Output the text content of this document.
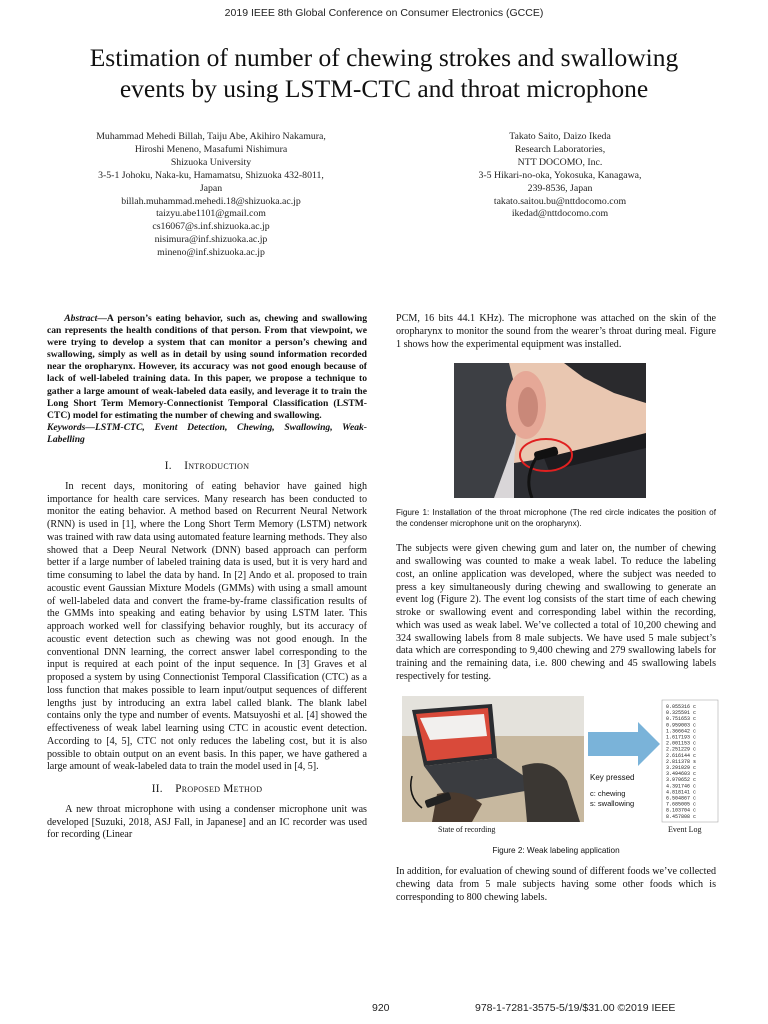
2019 IEEE 8th Global Conference on Consumer Electronics (GCCE)
Estimation of number of chewing strokes and swallowing
events by using LSTM-CTC and throat microphone
Muhammad Mehedi Billah, Taiju Abe, Akihiro Nakamura,
Hiroshi Meneno, Masafumi Nishimura
Shizuoka University
3-5-1 Johoku, Naka-ku, Hamamatsu, Shizuoka 432-8011,
Japan
billah.muhammad.mehedi.18@shizuoka.ac.jp
taizyu.abe1101@gmail.com
cs16067@s.inf.shizuoka.ac.jp
nisimura@inf.shizuoka.ac.jp
mineno@inf.shizuoka.ac.jp
Takato Saito, Daizo Ikeda
Research Laboratories,
NTT DOCOMO, Inc.
3-5 Hikari-no-oka, Yokosuka, Kanagawa,
239-8536, Japan
takato.saitou.bu@nttdocomo.com
ikedad@nttdocomo.com

Abstract—A person’s eating behavior, such as, chewing and swallowing can represents the health conditions of that person. From that viewpoint, we were trying to develop a system that can monitor a person’s chewing and swallowing, simply as well as in detail by using sound information recorded near the oropharynx. However, its accuracy was not good enough because of lack of well-labeled training data. In this paper, we propose a technique to gather a large amount of weak-labeled data easily, and leverage it to train the Long Short Term Memory-Connectionist Temporal Classification (LSTM-CTC) model for estimating the number of chewing and swallowing.

Keywords—LSTM-CTC, Event Detection, Chewing, Swallowing, Weak-Labelling

I. Introduction

In recent days, monitoring of eating behavior have gained high importance for health care services. Many research has been conducted to monitor the eating behavior. A method based on Recurrent Neural Network (RNN) is used in [1], where the Long Short Term Memory (LSTM) network was trained with raw data using automated feature learning methods. They also showed that a Deep Neural Network (DNN) based approach can perform better if a large number of labeled training data is used, but it is very hard and time consuming to label the data by hand. In [2] Ando et al. proposed to train acoustic event Gaussian Mixture Models (GMMs) with using a small amount of well-labeled data and convert the frame-by-frame classification results of the GMMs into speaking and eating behavior by using LSTM later. This approach worked well for classifying behavior roughly, but its accuracy of acoustic event detection such as chewing was not good enough. In the conventional DNN learning, the correct answer label corresponding to the input is required at each point of the input sequence. In [3] Graves et al proposed a system by using Connectionist Temporal Classification (CTC) as a loss function that makes possible to learn input/output sequences of different lengths just by introducing an extra label called blank. The blank label contains only the type and number of events. Matsuyoshi et al. [4] showed the effectiveness of weak label learning using CTC in acoustic event detection. According to [4, 5], CTC not only reduces the labeling cost, but it is also possible to obtain output on an event basis. In this paper, we have gathered a large amount of weak-labeled data to train the model used in [4, 5].

II. Proposed Method

A new throat microphone with using a condenser microphone unit was developed [Suzuki, 2018, ASJ Fall, in Japanese] and an IC recorder was used for recording (Linear

PCM, 16 bits 44.1 KHz). The microphone was attached on the skin of the oropharynx to monitor the sound from the wearer’s throat during meal. Figure 1 shows how the experimental equipment was installed.

Figure 1: Installation of the throat microphone (The red circle indicates the position of the condenser microphone unit on the oropharynx).

The subjects were given chewing gum and later on, the number of chewing and swallowing was counted to make a weak label. To reduce the labeling cost, an online application was developed, where the subject was needed to press a key simultaneously during chewing and swallowing to generate an event log (Figure 2). The event log consists of the start time of each chewing stroke or swallowing event and corresponding label within the recording, which was used as weak label. We’ve collected a total of 10,200 chewing and 324 swallowing labels from 8 male subjects. We have used 5 male subject’s data which are corresponding to 9,400 chewing and 279 swallowing labels for training and the remaining data, i.e. 800 chewing and 45 swallowing labels respectively for testing.

State of recording
Key pressed
c: chewing
s: swallowing
0.055316 c
0.325591 c
0.751653 c
0.959003 c
1.366642 c
1.617193 c
2.001153 c
2.251229 c
2.616144 c
2.811378 s
3.291029 c
3.494603 c
3.970652 c
4.391746 c
4.818141 c
6.504867 c
7.685005 c
8.103704 c
8.457808 c
Event Log

Figure 2: Weak labeling application

In addition, for evaluation of chewing sound of different foods we’ve collected chewing data from 5 male subjects having some other foods which is corresponding to 800 chewing labels.

920	978-1-7281-3575-5/19/$31.00 ©2019 IEEE
